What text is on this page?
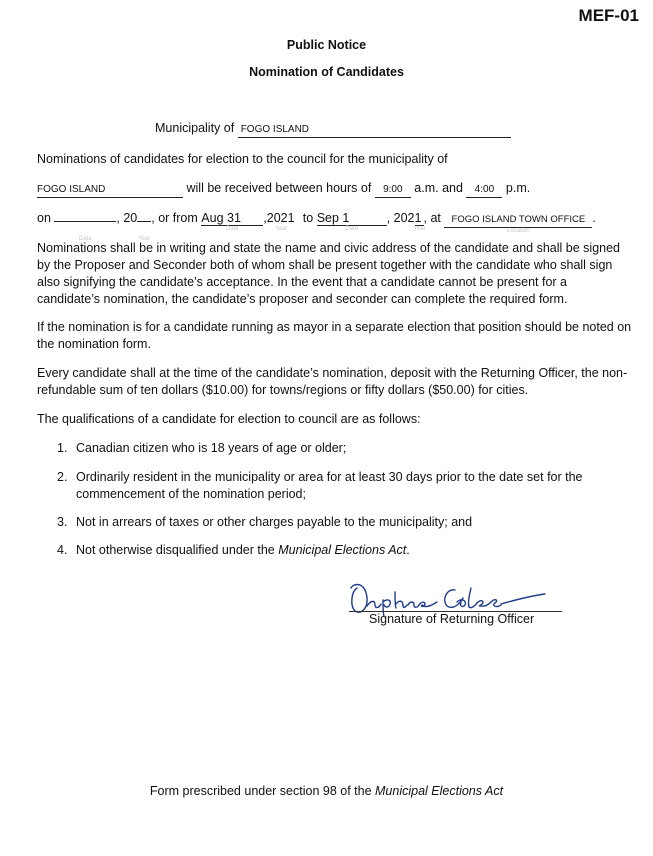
MEF-01
Public Notice
Nomination of Candidates
Municipality of FOGO ISLAND
Nominations of candidates for election to the council for the municipality of
FOGO ISLAND	will be received between hours of 9:00 a.m. and 4:00 p.m.
on
Date
, 20
Year
, or from Aug 31
Date
,2021
Year
to Sep 1
Date
, 2021
Year
, at FOGO ISLAND TOWN OFFICE
Location
.
Nominations shall be in writing and state the name and civic address of the candidate and shall be signed by the Proposer and Seconder both of whom shall be present together with the candidate who shall sign also signifying the candidate’s acceptance. In the event that a candidate cannot be present for a candidate’s nomination, the candidate’s proposer and seconder can complete the required form.
If the nomination is for a candidate running as mayor in a separate election that position should be noted on the nomination form.
Every candidate shall at the time of the candidate’s nomination, deposit with the Returning Officer, the non-refundable sum of ten dollars ($10.00) for towns/regions or fifty dollars ($50.00) for cities.
The qualifications of a candidate for election to council are as follows:
1. Canadian citizen who is 18 years of age or older;
2. Ordinarily resident in the municipality or area for at least 30 days prior to the date set for the commencement of the nomination period;
3. Not in arrears of taxes or other charges payable to the municipality; and
4. Not otherwise disqualified under the Municipal Elections Act.
Signature of Returning Officer
Form prescribed under section 98 of the Municipal Elections Act
